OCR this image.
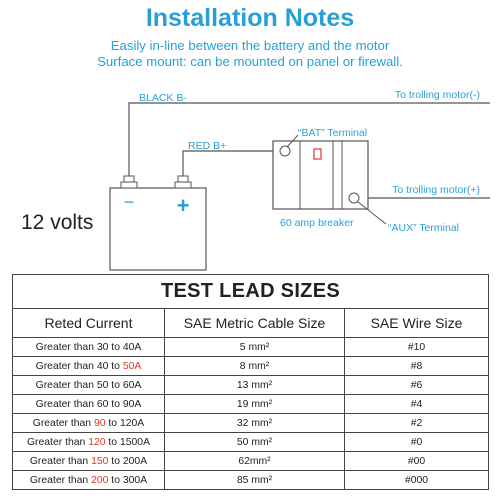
Installation Notes
Easily in-line between the battery and the motor
Surface mount: can be mounted on panel or firewall.
− +
BLACK B-
RED B+
To trolling motor(-)
To trolling motor(+)
“BAT” Terminal
“AUX” Terminal
60 amp breaker
12 volts
TEST LEAD SIZES		
Reted Current	SAE Metric Cable Size	SAE Wire Size
Greater than 30 to 40A	5 mm²	#10
Greater than 40 to 50A	8 mm²	#8
Greater than 50 to 60A	13 mm²	#6
Greater than 60 to 90A	19 mm²	#4
Greater than 90 to 120A	32 mm²	#2
Greater than 120 to 1500A	50 mm²	#0
Greater than 150 to 200A	62mm²	#00
Greater than 200 to 300A	85 mm²	#000
